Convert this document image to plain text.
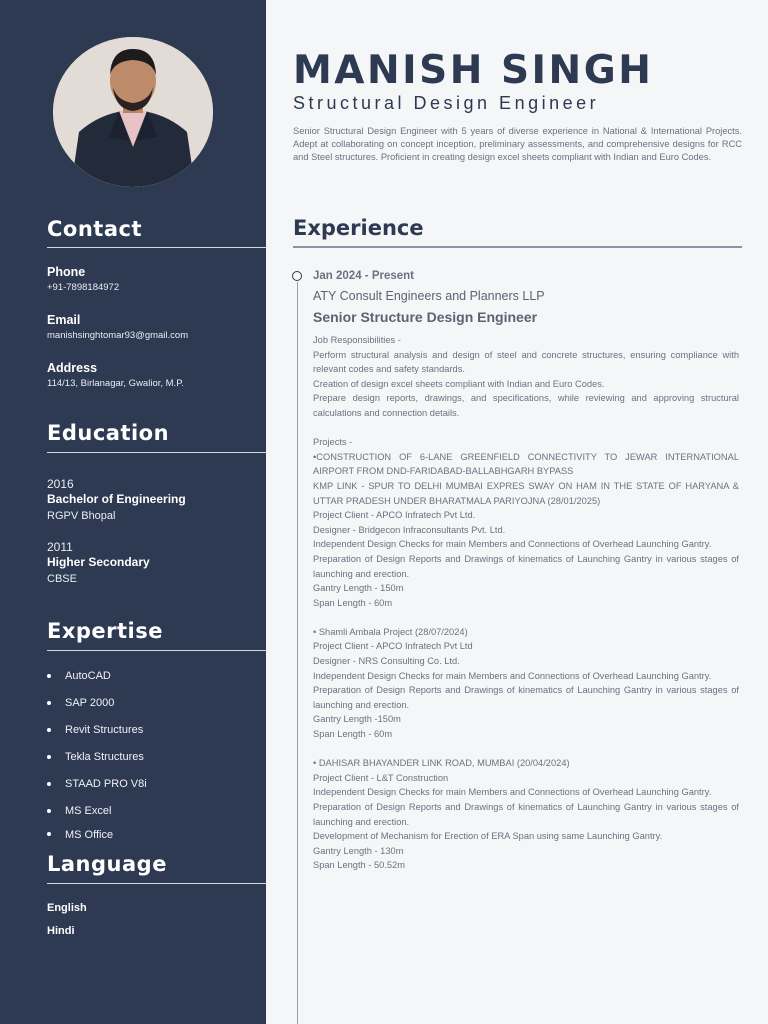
Contact
Phone
+91-7898184972
Email
manishsinghtomar93@gmail.com
Address
114/13, Birlanagar, Gwalior, M.P.
Education
2016
Bachelor of Engineering
RGPV Bhopal
2011
Higher Secondary
CBSE
Expertise
AutoCAD
SAP 2000
Revit Structures
Tekla Structures
STAAD PRO V8i
MS Excel
MS Office
Language
English
Hindi
MANISH SINGH
Structural Design Engineer
Senior Structural Design Engineer with 5 years of diverse experience in National & International Projects. Adept at collaborating on concept inception, preliminary assessments, and comprehensive designs for RCC and Steel structures. Proficient in creating design excel sheets compliant with Indian and Euro Codes.
Experience
Jan 2024 - Present
ATY Consult Engineers and Planners LLP
Senior Structure Design Engineer
Job Responsibilities -
Perform structural analysis and design of steel and concrete structures, ensuring compliance with relevant codes and safety standards.
Creation of design excel sheets compliant with Indian and Euro Codes.
Prepare design reports, drawings, and specifications, while reviewing and approving structural calculations and connection details.
Projects -
•CONSTRUCTION OF 6-LANE GREENFIELD CONNECTIVITY TO JEWAR INTERNATIONAL AIRPORT FROM DND-FARIDABAD-BALLABHGARH BYPASS
KMP LINK - SPUR TO DELHI MUMBAI EXPRES SWAY ON HAM IN THE STATE OF HARYANA & UTTAR PRADESH UNDER BHARATMALA PARIYOJNA (28/01/2025)
Project Client - APCO Infratech Pvt Ltd.
Designer - Bridgecon Infraconsultants Pvt. Ltd.
Independent Design Checks for main Members and Connections of Overhead Launching Gantry.
Preparation of Design Reports and Drawings of kinematics of Launching Gantry in various stages of launching and erection.
Gantry Length - 150m
Span Length - 60m
• Shamli Ambala Project (28/07/2024)
Project Client - APCO Infratech Pvt Ltd
Designer - NRS Consulting Co. Ltd.
Independent Design Checks for main Members and Connections of Overhead Launching Gantry.
Preparation of Design Reports and Drawings of kinematics of Launching Gantry in various stages of launching and erection.
Gantry Length -150m
Span Length - 60m
• DAHISAR BHAYANDER LINK ROAD, MUMBAI (20/04/2024)
Project Client - L&T Construction
Independent Design Checks for main Members and Connections of Overhead Launching Gantry.
Preparation of Design Reports and Drawings of kinematics of Launching Gantry in various stages of launching and erection.
Development of Mechanism for Erection of ERA Span using same Launching Gantry.
Gantry Length - 130m
Span Length - 50.52m
